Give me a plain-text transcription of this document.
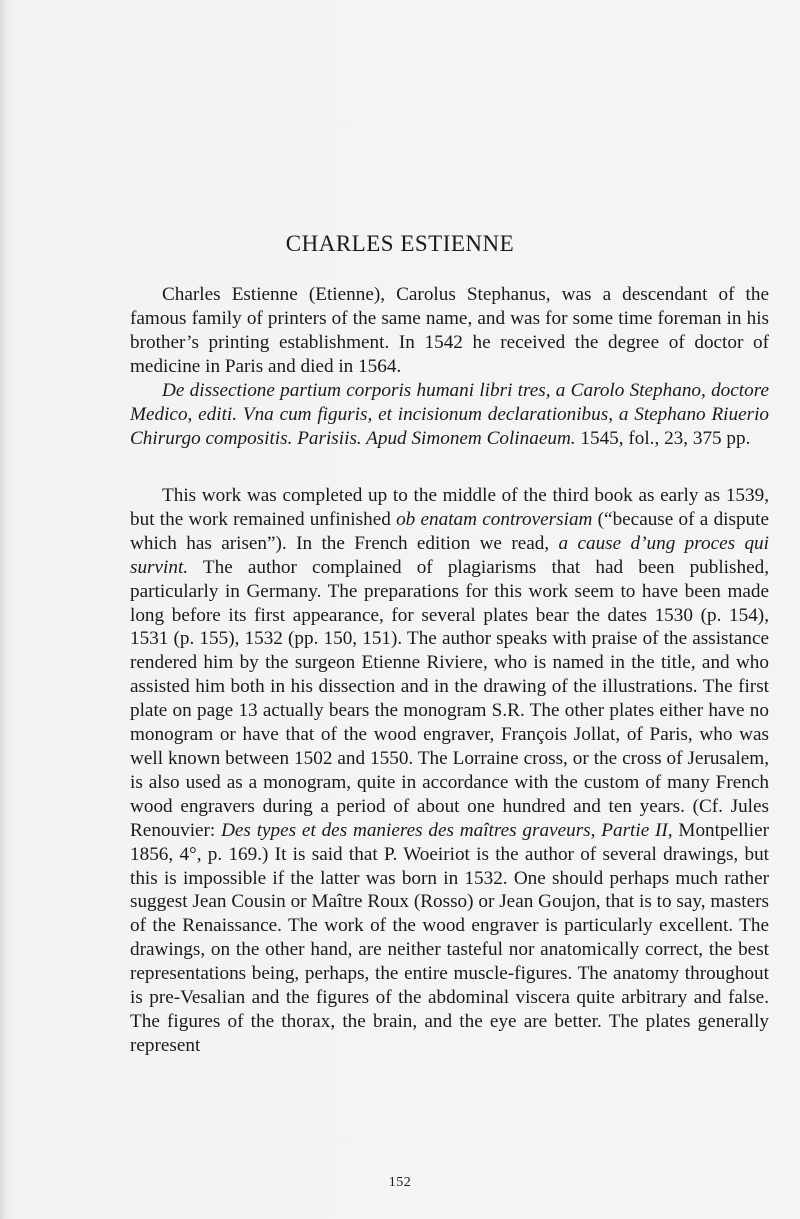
CHARLES ESTIENNE

Charles Estienne (Etienne), Carolus Stephanus, was a descendant of the famous family of printers of the same name, and was for some time foreman in his brother’s printing establishment. In 1542 he received the degree of doctor of medicine in Paris and died in 1564.

De dissectione partium corporis humani libri tres, a Carolo Stephano, doctore Medico, editi. Vna cum figuris, et incisionum declarationibus, a Stephano Riuerio Chirurgo compositis. Parisiis. Apud Simonem Colinaeum. 1545, fol., 23, 375 pp.

This work was completed up to the middle of the third book as early as 1539, but the work remained unfinished ob enatam controversiam (“because of a dispute which has arisen”). In the French edition we read, a cause d’ung proces qui survint. The author complained of plagiarisms that had been published, particularly in Germany. The preparations for this work seem to have been made long before its first appearance, for several plates bear the dates 1530 (p. 154), 1531 (p. 155), 1532 (pp. 150, 151). The author speaks with praise of the assistance rendered him by the surgeon Etienne Riviere, who is named in the title, and who assisted him both in his dissection and in the drawing of the illustrations. The first plate on page 13 actually bears the monogram S.R. The other plates either have no monogram or have that of the wood engraver, François Jollat, of Paris, who was well known between 1502 and 1550. The Lorraine cross, or the cross of Jerusalem, is also used as a monogram, quite in accordance with the custom of many French wood engravers during a period of about one hundred and ten years. (Cf. Jules Renouvier: Des types et des manieres des maîtres graveurs, Partie II, Montpellier 1856, 4°, p. 169.) It is said that P. Woeiriot is the author of several drawings, but this is impossible if the latter was born in 1532. One should perhaps much rather suggest Jean Cousin or Maître Roux (Rosso) or Jean Goujon, that is to say, masters of the Renaissance. The work of the wood engraver is particularly excellent. The drawings, on the other hand, are neither tasteful nor anatomically correct, the best representations being, perhaps, the entire muscle-figures. The anatomy throughout is pre-Vesalian and the figures of the abdominal viscera quite arbitrary and false. The figures of the thorax, the brain, and the eye are better. The plates generally represent

152
